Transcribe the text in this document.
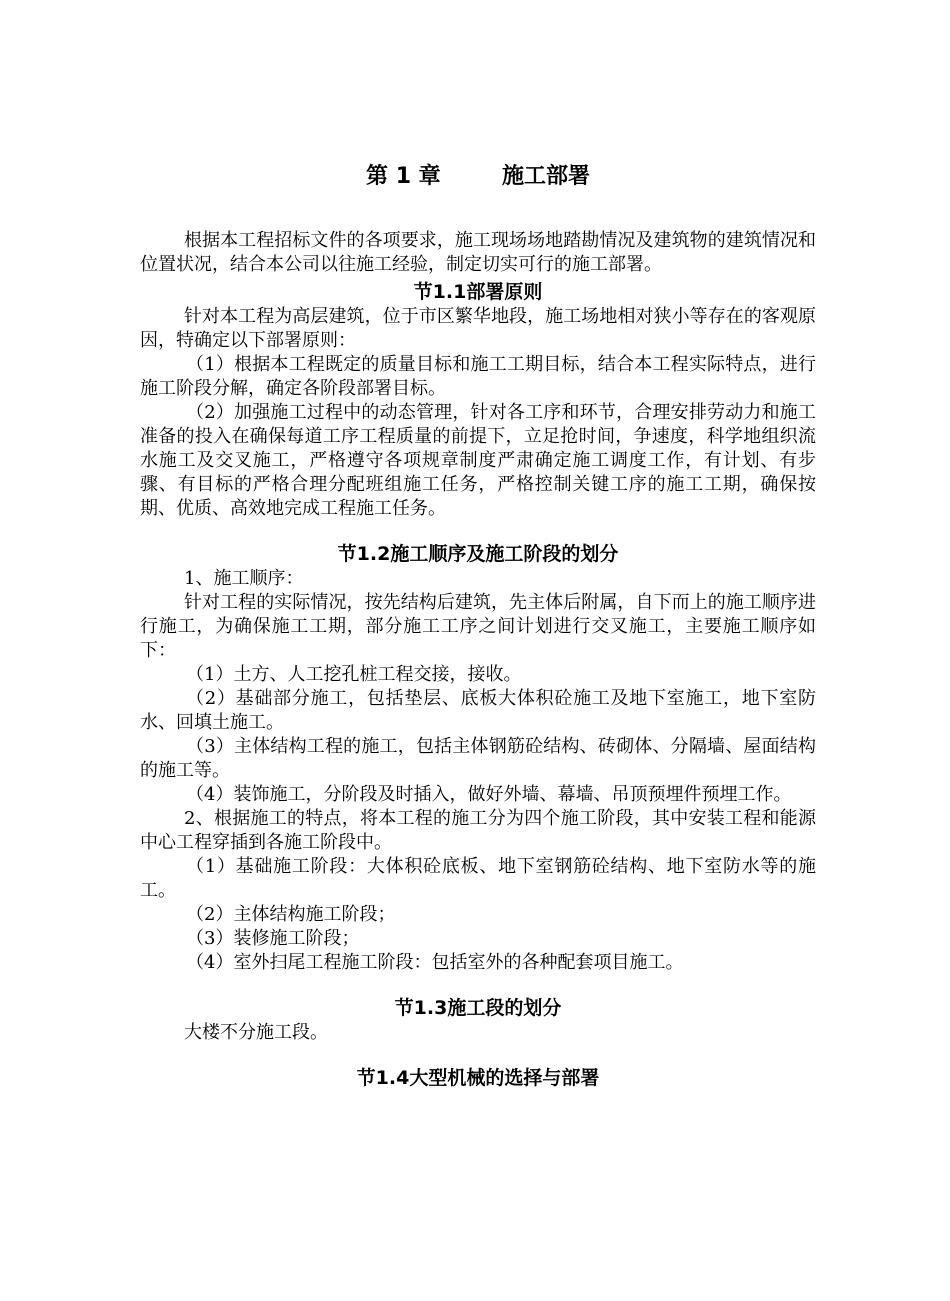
第 1 章        施工部署

根据本工程招标文件的各项要求，施工现场场地踏勘情况及建筑物的建筑情况和位置状况，结合本公司以往施工经验，制定切实可行的施工部署。

节1.1部署原则

针对本工程为高层建筑，位于市区繁华地段，施工场地相对狭小等存在的客观原因，特确定以下部署原则：

（1）根据本工程既定的质量目标和施工工期目标，结合本工程实际特点，进行施工阶段分解，确定各阶段部署目标。

（2）加强施工过程中的动态管理，针对各工序和环节，合理安排劳动力和施工准备的投入在确保每道工序工程质量的前提下，立足抢时间，争速度，科学地组织流水施工及交叉施工，严格遵守各项规章制度严肃确定施工调度工作，有计划、有步骤、有目标的严格合理分配班组施工任务，严格控制关键工序的施工工期，确保按期、优质、高效地完成工程施工任务。

节1.2施工顺序及施工阶段的划分

1、施工顺序：

针对工程的实际情况，按先结构后建筑，先主体后附属，自下而上的施工顺序进行施工，为确保施工工期，部分施工工序之间计划进行交叉施工，主要施工顺序如下：

（1）土方、人工挖孔桩工程交接，接收。

（2）基础部分施工，包括垫层、底板大体积砼施工及地下室施工，地下室防水、回填土施工。

（3）主体结构工程的施工，包括主体钢筋砼结构、砖砌体、分隔墙、屋面结构的施工等。

（4）装饰施工，分阶段及时插入，做好外墙、幕墙、吊顶预埋件预埋工作。

2、根据施工的特点，将本工程的施工分为四个施工阶段，其中安装工程和能源中心工程穿插到各施工阶段中。

（1）基础施工阶段：大体积砼底板、地下室钢筋砼结构、地下室防水等的施工。

（2）主体结构施工阶段；

（3）装修施工阶段；

（4）室外扫尾工程施工阶段：包括室外的各种配套项目施工。

节1.3施工段的划分

大楼不分施工段。

节1.4大型机械的选择与部署
